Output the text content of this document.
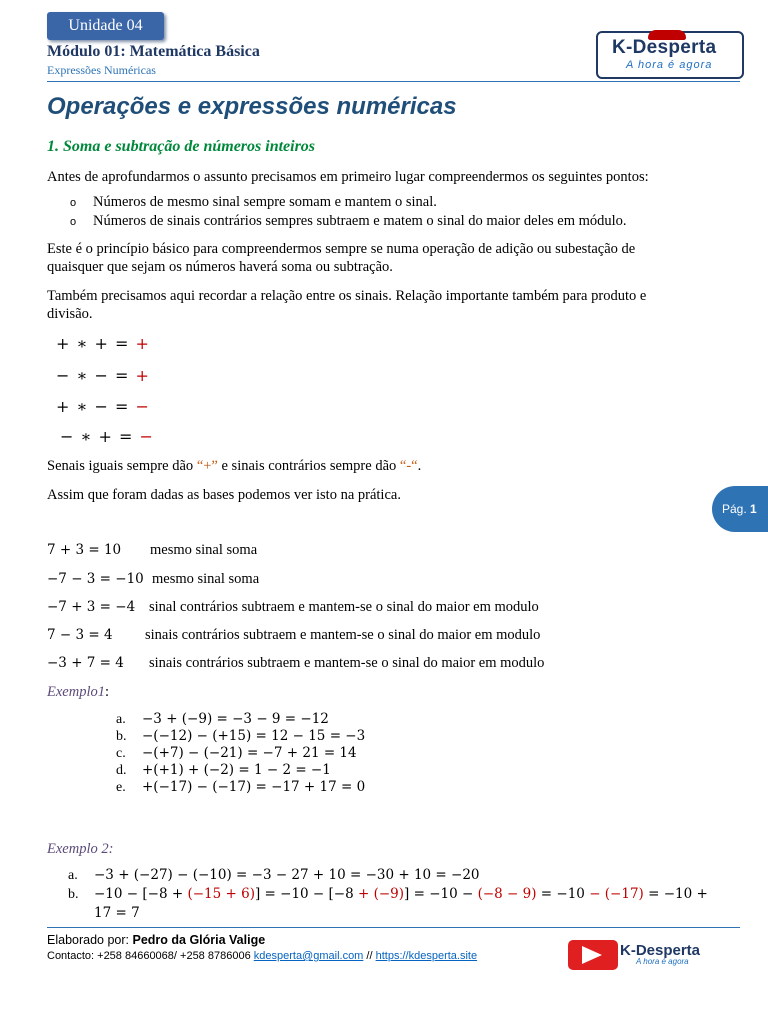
Unidade 04
Módulo 01: Matemática Básica
Expressões Numéricas
K-Desperta
A hora é agora
Operações e expressões numéricas
1. Soma e subtração de números inteiros
Antes de aprofundarmos o assunto precisamos em primeiro lugar compreendermos os seguintes pontos:
o Números de mesmo sinal sempre somam e mantem o sinal.
o Números de sinais contrários sempres subtraem e matem o sinal do maior deles em módulo.
Este é o princípio básico para compreendermos sempre se numa operação de adição ou subestação de
quaisquer que sejam os números haverá soma ou subtração.
Também precisamos aqui recordar a relação entre os sinais. Relação importante também para produto e
divisão.
+ ∗ + = +
− ∗ − = +
+ ∗ − = −
− ∗ + = −
Senais iguais sempre dão “+” e sinais contrários sempre dão “-“.
Assim que foram dadas as bases podemos ver isto na prática.
Pág. 1
7 + 3 = 10 mesmo sinal soma
−7 − 3 = −10 mesmo sinal soma
−7 + 3 = −4 sinal contrários subtraem e mantem-se o sinal do maior em modulo
7 − 3 = 4 sinais contrários subtraem e mantem-se o sinal do maior em modulo
−3 + 7 = 4 sinais contrários subtraem e mantem-se o sinal do maior em modulo
Exemplo1:
a. −3 + (−9) = −3 − 9 = −12
b. −(−12) − (+15) = 12 − 15 = −3
c. −(+7) − (−21) = −7 + 21 = 14
d. +(+1) + (−2) = 1 − 2 = −1
e. +(−17) − (−17) = −17 + 17 = 0
Exemplo 2:
a. −3 + (−27) − (−10) = −3 − 27 + 10 = −30 + 10 = −20
b. −10 − [−8 + (−15 + 6)] = −10 − [−8 + (−9)] = −10 − (−8 − 9) = −10 − (−17) = −10 +
17 = 7
Elaborado por: Pedro da Glória Valige
Contacto: +258 84660068/ +258 8786006 kdesperta@gmail.com // https://kdesperta.site	K-Desperta
A hora é agora
